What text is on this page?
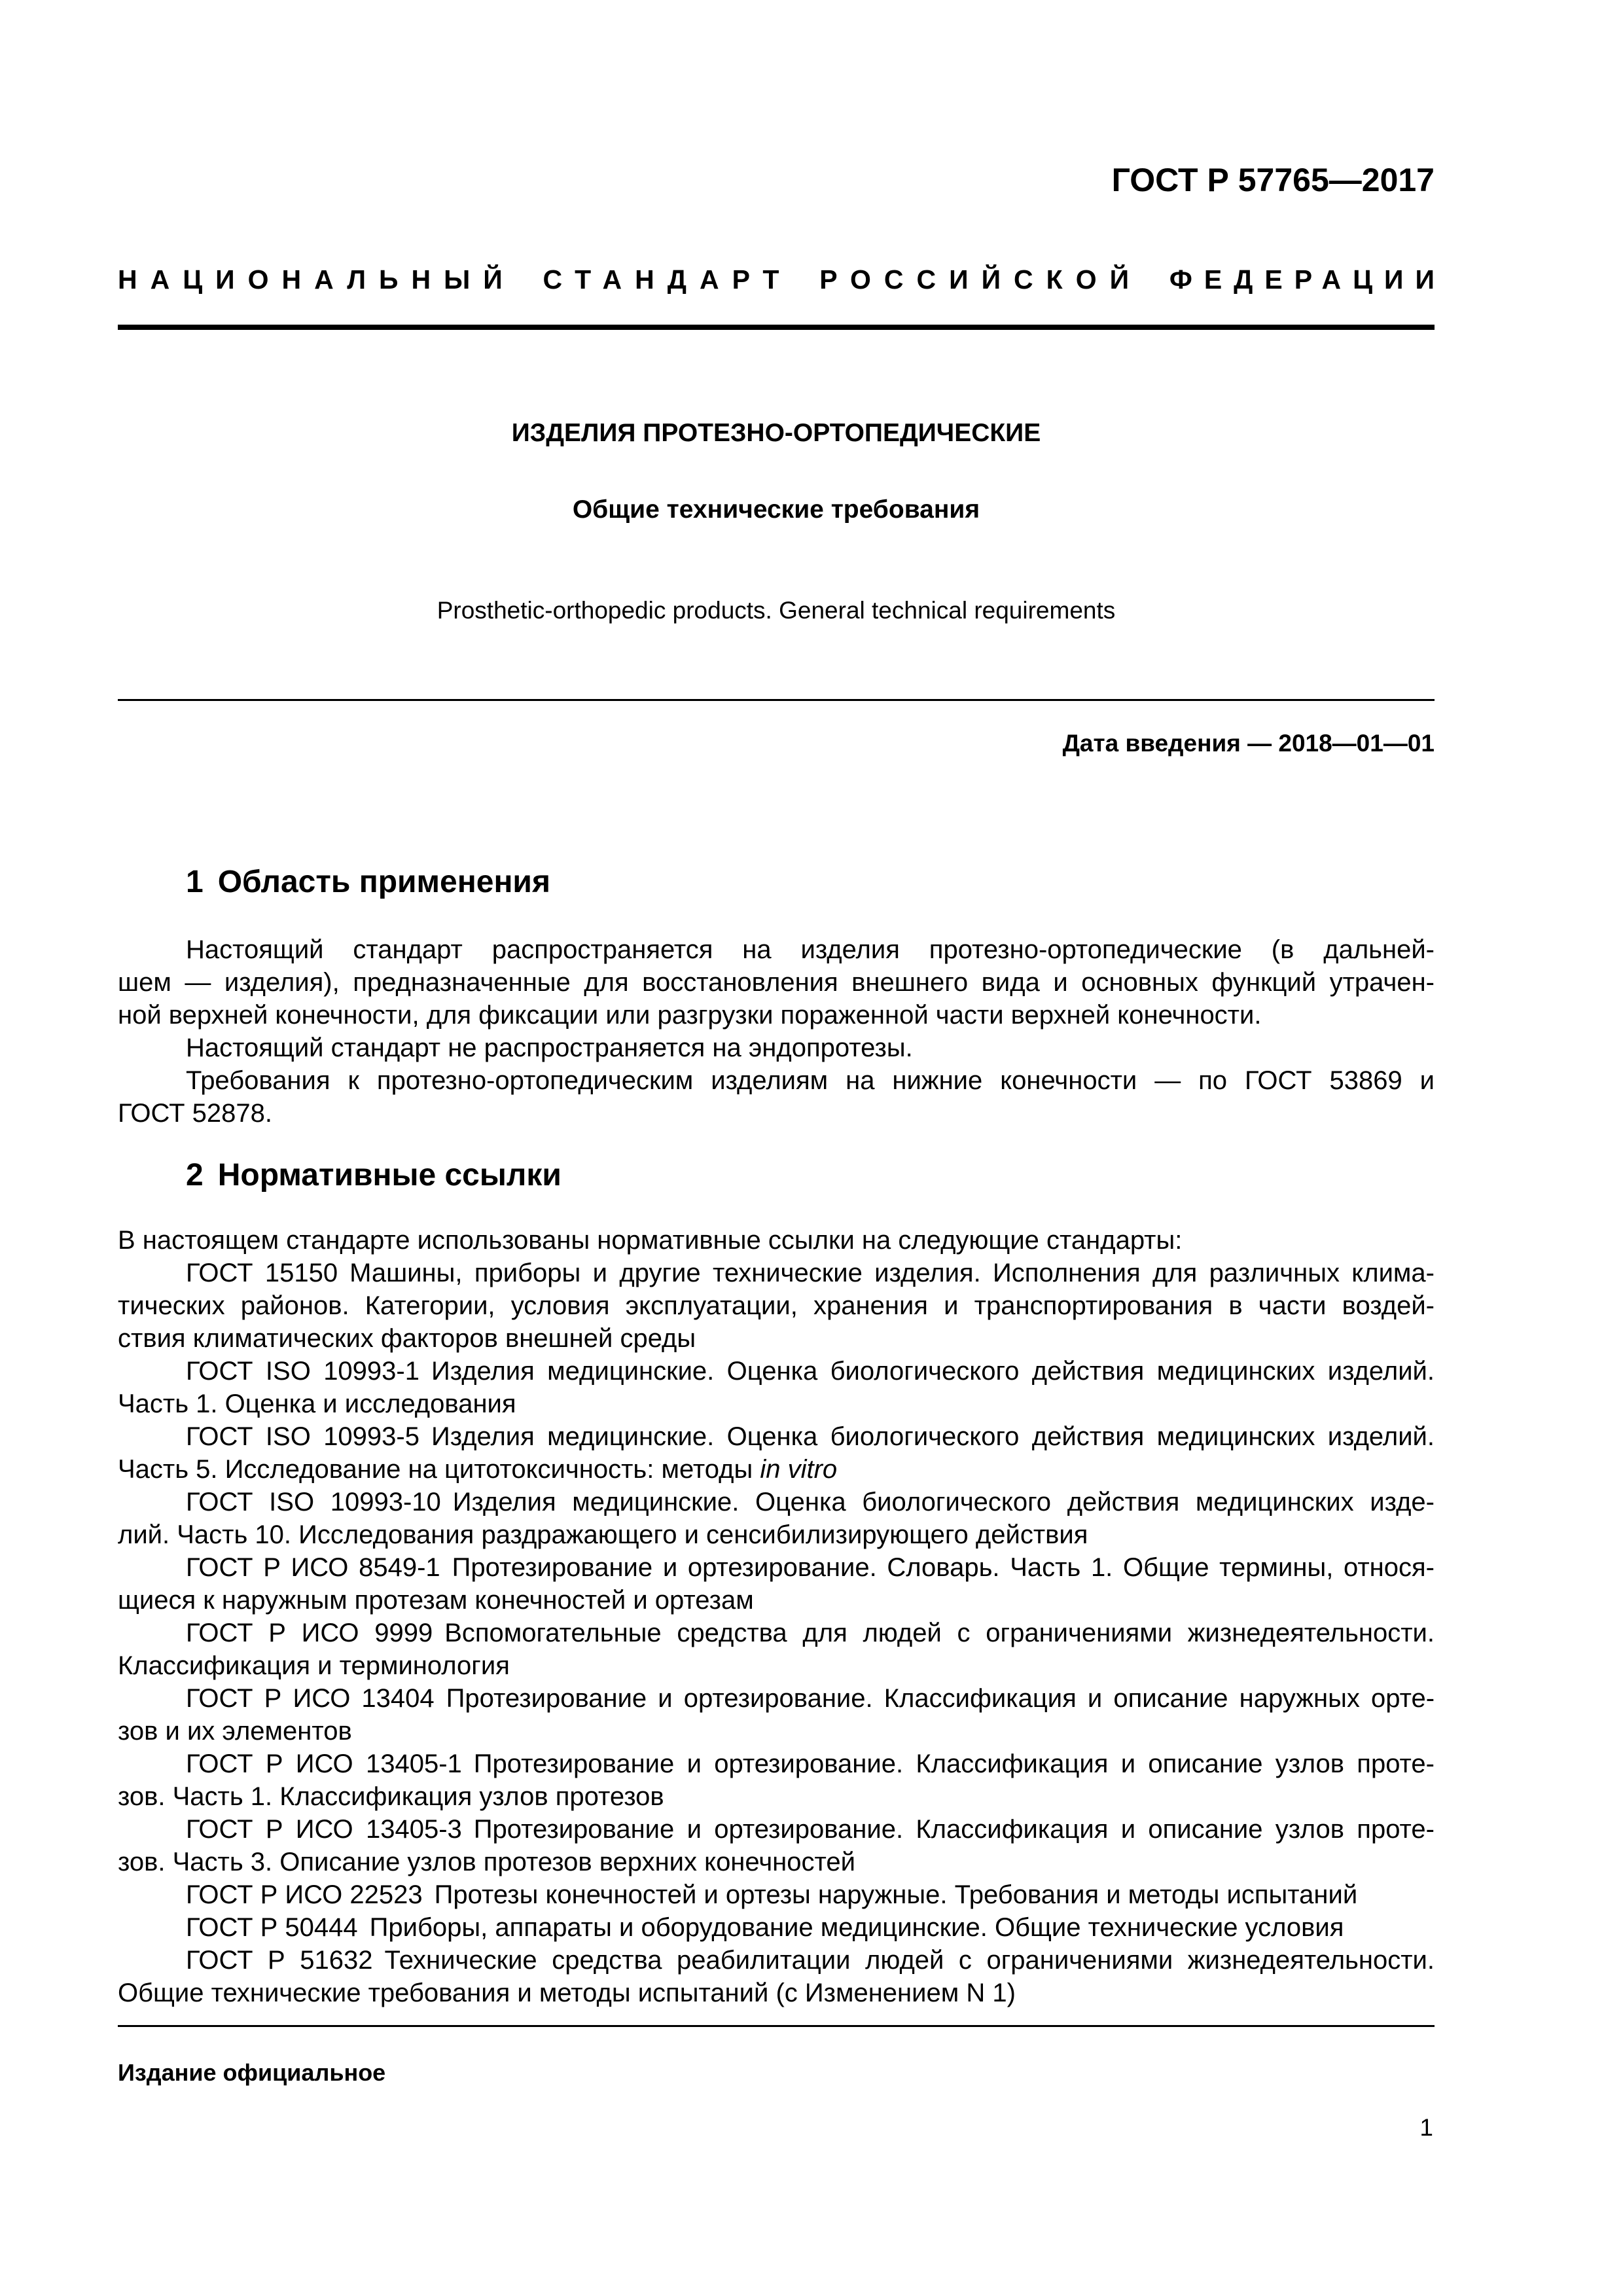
ГОСТ Р 57765—2017
НАЦИОНАЛЬНЫЙ СТАНДАРТ РОССИЙСКОЙ ФЕДЕРАЦИИ
ИЗДЕЛИЯ ПРОТЕЗНО-ОРТОПЕДИЧЕСКИЕ
Общие технические требования
Prosthetic-orthopedic products. General technical requirements
Дата введения — 2018—01—01
1 Область применения
Настоящий стандарт распространяется на изделия протезно-ортопедические (в дальней-
шем — изделия), предназначенные для восстановления внешнего вида и основных функций утрачен-
ной верхней конечности, для фиксации или разгрузки пораженной части верхней конечности.
Настоящий стандарт не распространяется на эндопротезы.
Требования к протезно-ортопедическим изделиям на нижние конечности — по ГОСТ 53869 и
ГОСТ 52878.
2 Нормативные ссылки
В настоящем стандарте использованы нормативные ссылки на следующие стандарты:
ГОСТ 15150 Машины, приборы и другие технические изделия. Исполнения для различных клима-
тических районов. Категории, условия эксплуатации, хранения и транспортирования в части воздей-
ствия климатических факторов внешней среды
ГОСТ ISO 10993-1 Изделия медицинские. Оценка биологического действия медицинских изделий.
Часть 1. Оценка и исследования
ГОСТ ISO 10993-5 Изделия медицинские. Оценка биологического действия медицинских изделий.
Часть 5. Исследование на цитотоксичность: методы in vitro
ГОСТ ISO 10993-10 Изделия медицинские. Оценка биологического действия медицинских изде-
лий. Часть 10. Исследования раздражающего и сенсибилизирующего действия
ГОСТ Р ИСО 8549-1 Протезирование и ортезирование. Словарь. Часть 1. Общие термины, относя-
щиеся к наружным протезам конечностей и ортезам
ГОСТ Р ИСО 9999 Вспомогательные средства для людей с ограничениями жизнедеятельности.
Классификация и терминология
ГОСТ Р ИСО 13404 Протезирование и ортезирование. Классификация и описание наружных орте-
зов и их элементов
ГОСТ Р ИСО 13405-1 Протезирование и ортезирование. Классификация и описание узлов проте-
зов. Часть 1. Классификация узлов протезов
ГОСТ Р ИСО 13405-3 Протезирование и ортезирование. Классификация и описание узлов проте-
зов. Часть 3. Описание узлов протезов верхних конечностей
ГОСТ Р ИСО 22523 Протезы конечностей и ортезы наружные. Требования и методы испытаний
ГОСТ Р 50444 Приборы, аппараты и оборудование медицинские. Общие технические условия
ГОСТ Р 51632 Технические средства реабилитации людей с ограничениями жизнедеятельности.
Общие технические требования и методы испытаний (с Изменением N 1)
Издание официальное
1
